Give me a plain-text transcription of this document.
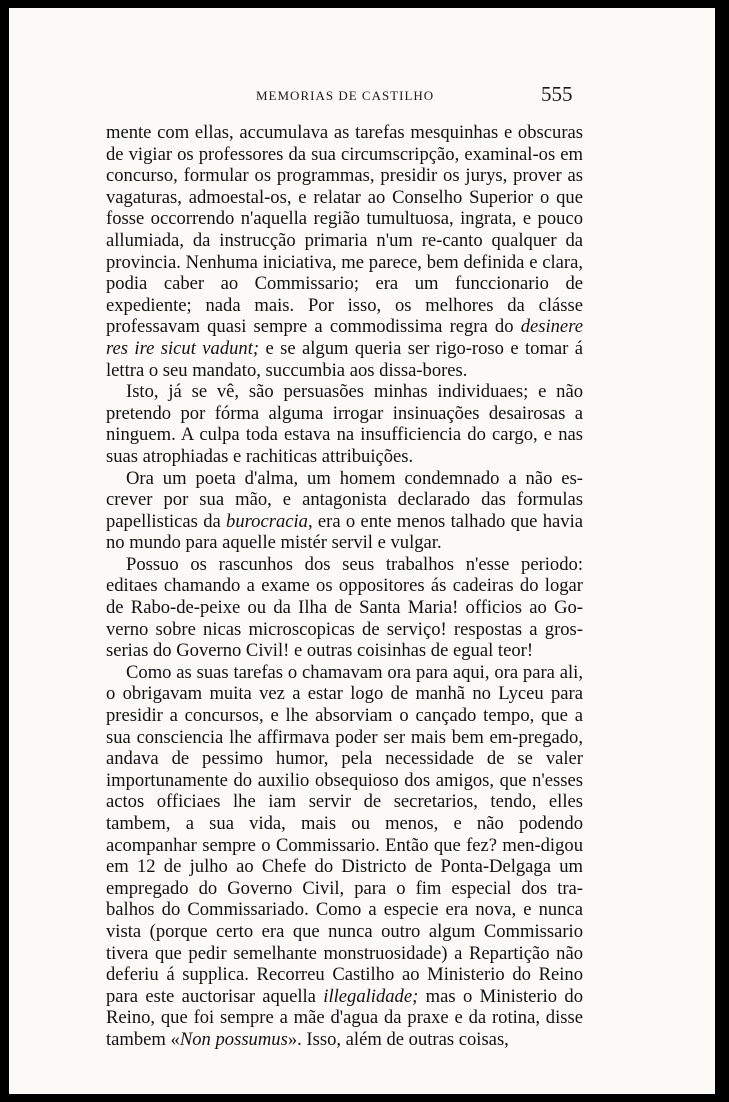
MEMORIAS DE CASTILHO	555

mente com ellas, accumulava as tarefas mesquinhas e obscuras de vigiar os professores da sua circumscripção, examinal-os em concurso, formular os programmas, presidir os jurys, prover as vagaturas, admoestal-os, e relatar ao Conselho Superior o que fosse occorrendo n'aquella região tumultuosa, ingrata, e pouco allumiada, da instrucção primaria n'um re-canto qualquer da provincia. Nenhuma iniciativa, me parece, bem definida e clara, podia caber ao Commissario; era um funccionario de expediente; nada mais. Por isso, os melhores da clásse professavam quasi sempre a commodissima regra do desinere res ire sicut vadunt; e se algum queria ser rigo-roso e tomar á lettra o seu mandato, succumbia aos dissa-bores.

Isto, já se vê, são persuasões minhas individuaes; e não pretendo por fórma alguma irrogar insinuações desairosas a ninguem. A culpa toda estava na insufficiencia do cargo, e nas suas atrophiadas e rachiticas attribuições.

Ora um poeta d'alma, um homem condemnado a não es-crever por sua mão, e antagonista declarado das formulas papellisticas da burocracia, era o ente menos talhado que havia no mundo para aquelle mistér servil e vulgar.

Possuo os rascunhos dos seus trabalhos n'esse periodo: editaes chamando a exame os oppositores ás cadeiras do logar de Rabo-de-peixe ou da Ilha de Santa Maria! officios ao Go-verno sobre nicas microscopicas de serviço! respostas a gros-serias do Governo Civil! e outras coisinhas de egual teor!

Como as suas tarefas o chamavam ora para aqui, ora para ali, o obrigavam muita vez a estar logo de manhã no Lyceu para presidir a concursos, e lhe absorviam o cançado tempo, que a sua consciencia lhe affirmava poder ser mais bem em-pregado, andava de pessimo humor, pela necessidade de se valer importunamente do auxilio obsequioso dos amigos, que n'esses actos officiaes lhe iam servir de secretarios, tendo, elles tambem, a sua vida, mais ou menos, e não podendo acompanhar sempre o Commissario. Então que fez? men-digou em 12 de julho ao Chefe do Districto de Ponta-Delgaga um empregado do Governo Civil, para o fim especial dos tra-balhos do Commissariado. Como a especie era nova, e nunca vista (porque certo era que nunca outro algum Commissario tivera que pedir semelhante monstruosidade) a Repartição não deferiu á supplica. Recorreu Castilho ao Ministerio do Reino para este auctorisar aquella illegalidade; mas o Ministerio do Reino, que foi sempre a mãe d'agua da praxe e da rotina, disse tambem «Non possumus». Isso, além de outras coisas,
